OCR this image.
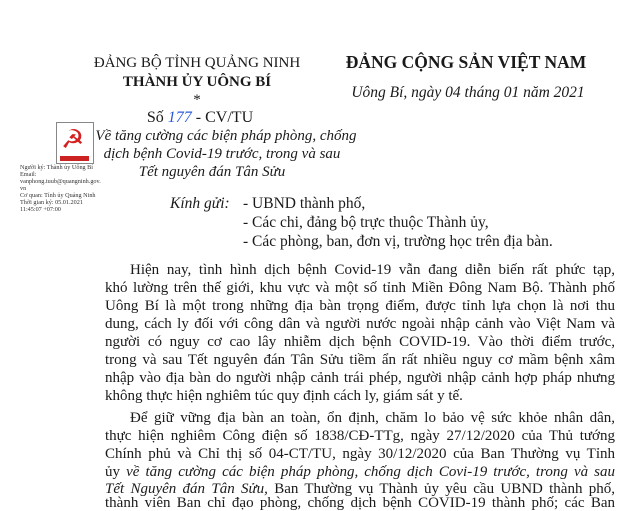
ĐẢNG BỘ TỈNH QUẢNG NINH
THÀNH ỦY UÔNG BÍ
*
Số 177 - CV/TU
Về tăng cường các biện pháp phòng, chống
dịch bệnh Covid-19 trước, trong và sau
Tết nguyên đán Tân Sửu
ĐẢNG CỘNG SẢN VIỆT NAM
Uông Bí, ngày 04 tháng 01 năm 2021
☭
Người ký: Thành ủy Uông Bí
Email:
vanphong.tuub@quangninh.gov.
vn
Cơ quan: Tỉnh ủy Quảng Ninh
Thời gian ký: 05.01.2021
11:45:07 +07:00	Kính gửi: - UBND thành phố,
- Các chi, đảng bộ trực thuộc Thành ủy,
- Các phòng, ban, đơn vị, trường học trên địa bàn.
Hiện nay, tình hình dịch bệnh Covid-19 vẫn đang diễn biến rất phức tạp,
khó lường trên thế giới, khu vực và một số tỉnh Miền Đông Nam Bộ. Thành phố
Uông Bí là một trong những địa bàn trọng điểm, được tỉnh lựa chọn là nơi thu
dung, cách ly đối với công dân và người nước ngoài nhập cảnh vào Việt Nam và
người có nguy cơ cao lây nhiễm dịch bệnh COVID-19. Vào thời điểm trước,
trong và sau Tết nguyên đán Tân Sửu tiềm ẩn rất nhiều nguy cơ mầm bệnh xâm
nhập vào địa bàn do người nhập cảnh trái phép, người nhập cảnh hợp pháp nhưng
không thực hiện nghiêm túc quy định cách ly, giám sát y tế.
Để giữ vững địa bàn an toàn, ổn định, chăm lo bảo vệ sức khỏe nhân dân,
thực hiện nghiêm Công điện số 1838/CĐ-TTg, ngày 27/12/2020 của Thủ tướng
Chính phủ và Chỉ thị số 04-CT/TU, ngày 30/12/2020 của Ban Thường vụ Tỉnh
ủy về tăng cường các biện pháp phòng, chống dịch Covi-19 trước, trong và sau
Tết Nguyên đán Tân Sửu, Ban Thường vụ Thành ủy yêu cầu UBND thành phố,
thành viên Ban chỉ đạo phòng, chống dịch bệnh COVID-19 thành phố; các Ban
